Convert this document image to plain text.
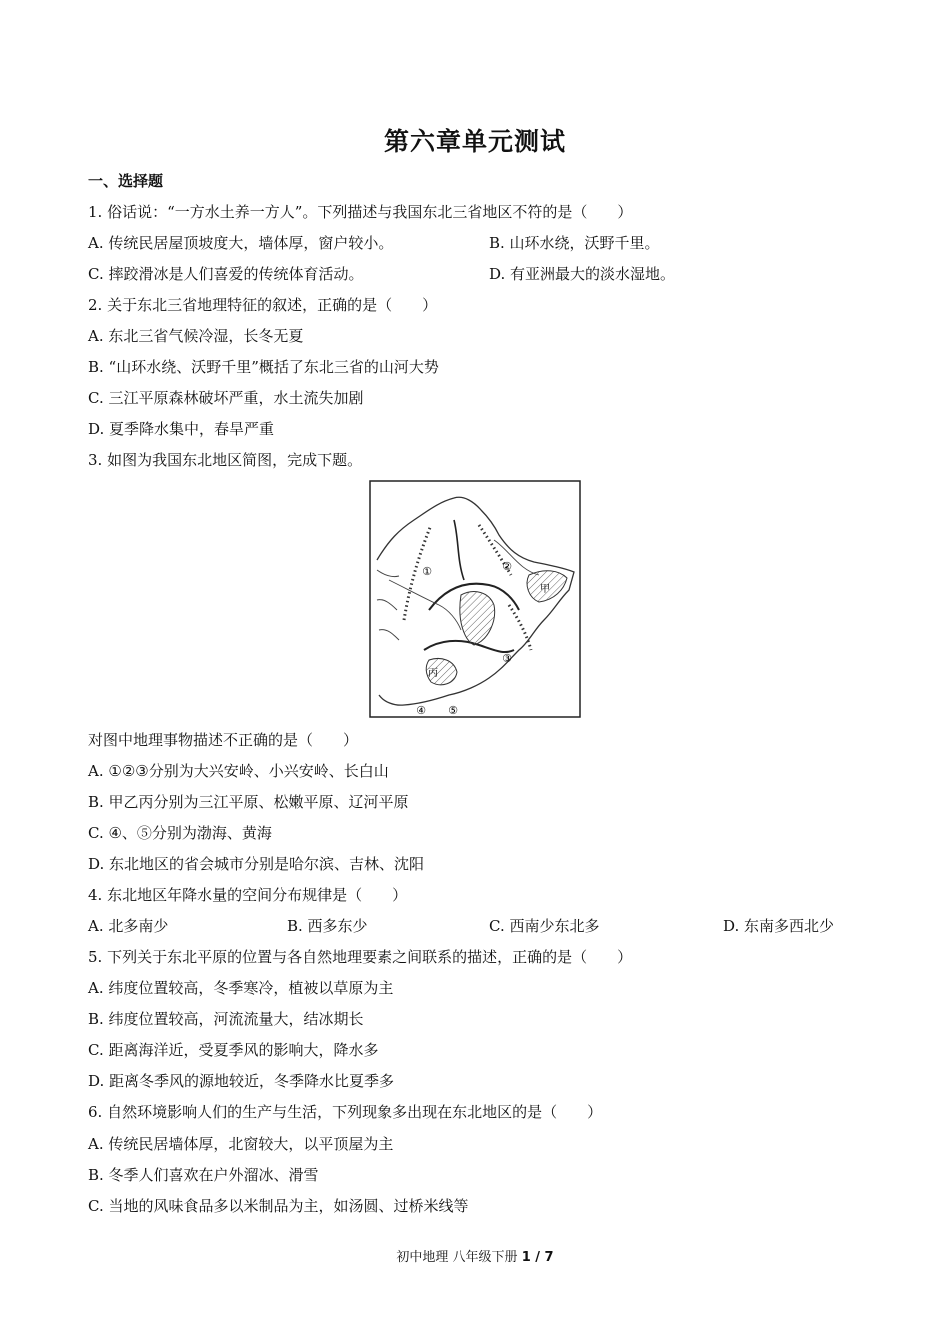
第六章单元测试
一、选择题
1. 俗话说：“一方水土养一方人”。下列描述与我国东北三省地区不符的是（　　）
A. 传统民居屋顶坡度大，墙体厚，窗户较小。	B. 山环水绕，沃野千里。
C. 摔跤滑冰是人们喜爱的传统体育活动。	D. 有亚洲最大的淡水湿地。
2. 关于东北三省地理特征的叙述，正确的是（　　）
A. 东北三省气候冷湿，长冬无夏
B. “山环水绕、沃野千里”概括了东北三省的山河大势
C. 三江平原森林破坏严重，水土流失加剧
D. 夏季降水集中，春旱严重
3. 如图为我国东北地区简图，完成下题。
①	②
甲
③
丙
④ ⑤
对图中地理事物描述不正确的是（　　）
A. ①②③分别为大兴安岭、小兴安岭、长白山
B. 甲乙丙分别为三江平原、松嫩平原、辽河平原
C. ④、⑤分别为渤海、黄海
D. 东北地区的省会城市分别是哈尔滨、吉林、沈阳
4. 东北地区年降水量的空间分布规律是（　　）
A. 北多南少	B. 西多东少	C. 西南少东北多	D. 东南多西北少
5. 下列关于东北平原的位置与各自然地理要素之间联系的描述，正确的是（　　）
A. 纬度位置较高，冬季寒冷，植被以草原为主
B. 纬度位置较高，河流流量大，结冰期长
C. 距离海洋近，受夏季风的影响大，降水多
D. 距离冬季风的源地较近，冬季降水比夏季多
6. 自然环境影响人们的生产与生活，下列现象多出现在东北地区的是（　　）
A. 传统民居墙体厚，北窗较大，以平顶屋为主
B. 冬季人们喜欢在户外溜冰、滑雪
C. 当地的风味食品多以米制品为主，如汤圆、过桥米线等
初中地理 八年级下册 1 / 7
